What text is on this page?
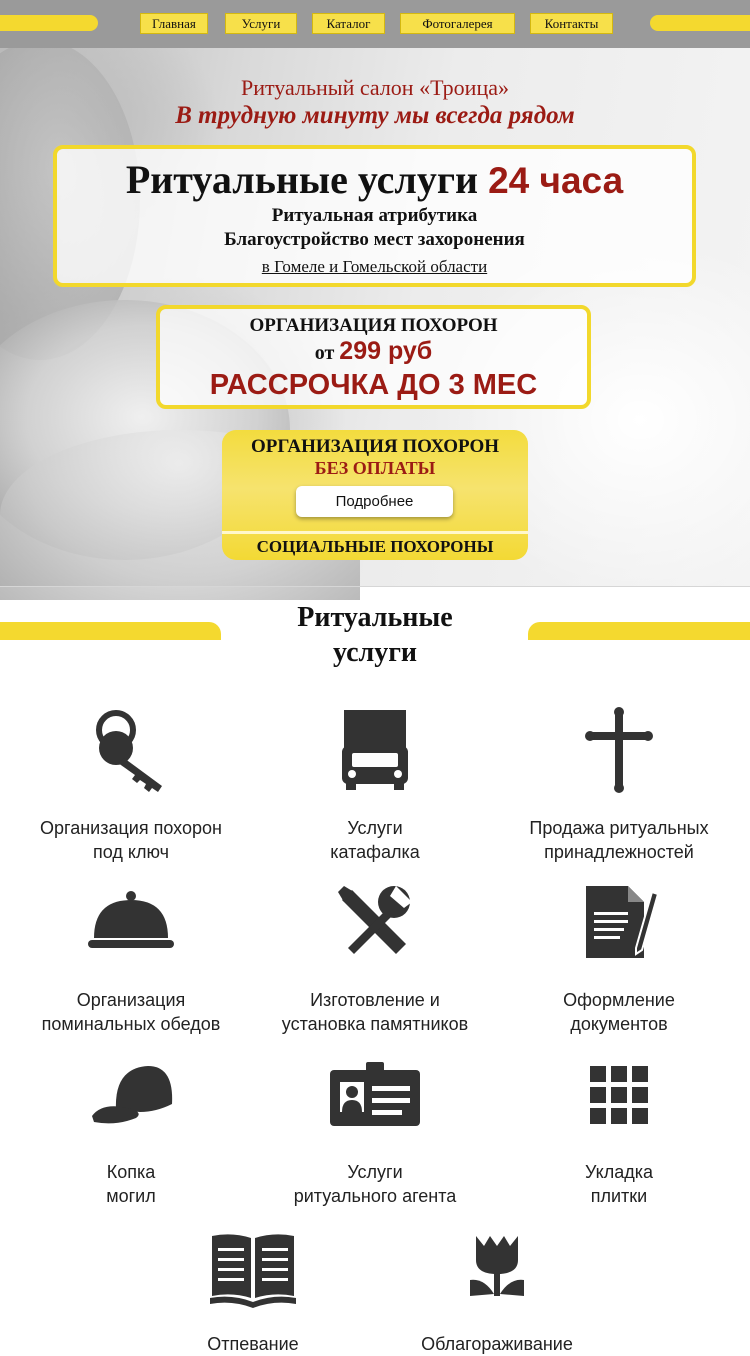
Главная	Услуги	Каталог	Фотогалерея	Контакты
Ритуальный салон «Троица»
В трудную минуту мы всегда рядом
Ритуальные услуги 24 часа
Ритуальная атрибутика
Благоустройство мест захоронения
в Гомеле и Гомельской области
ОРГАНИЗАЦИЯ ПОХОРОН
от 299 руб
РАССРОЧКА ДО 3 МЕС
ОРГАНИЗАЦИЯ ПОХОРОН
БЕЗ ОПЛАТЫ
Подробнее
СОЦИАЛЬНЫЕ ПОХОРОНЫ
Ритуальные
услуги
Организация похорон
под ключ
Услуги
катафалка
Продажа ритуальных
принадлежностей
Организация
поминальных обедов
Изготовление и
установка памятников
Оформление
документов
Копка
могил
Услуги
ритуального агента
Укладка
плитки
Отпевание	Облагораживание
